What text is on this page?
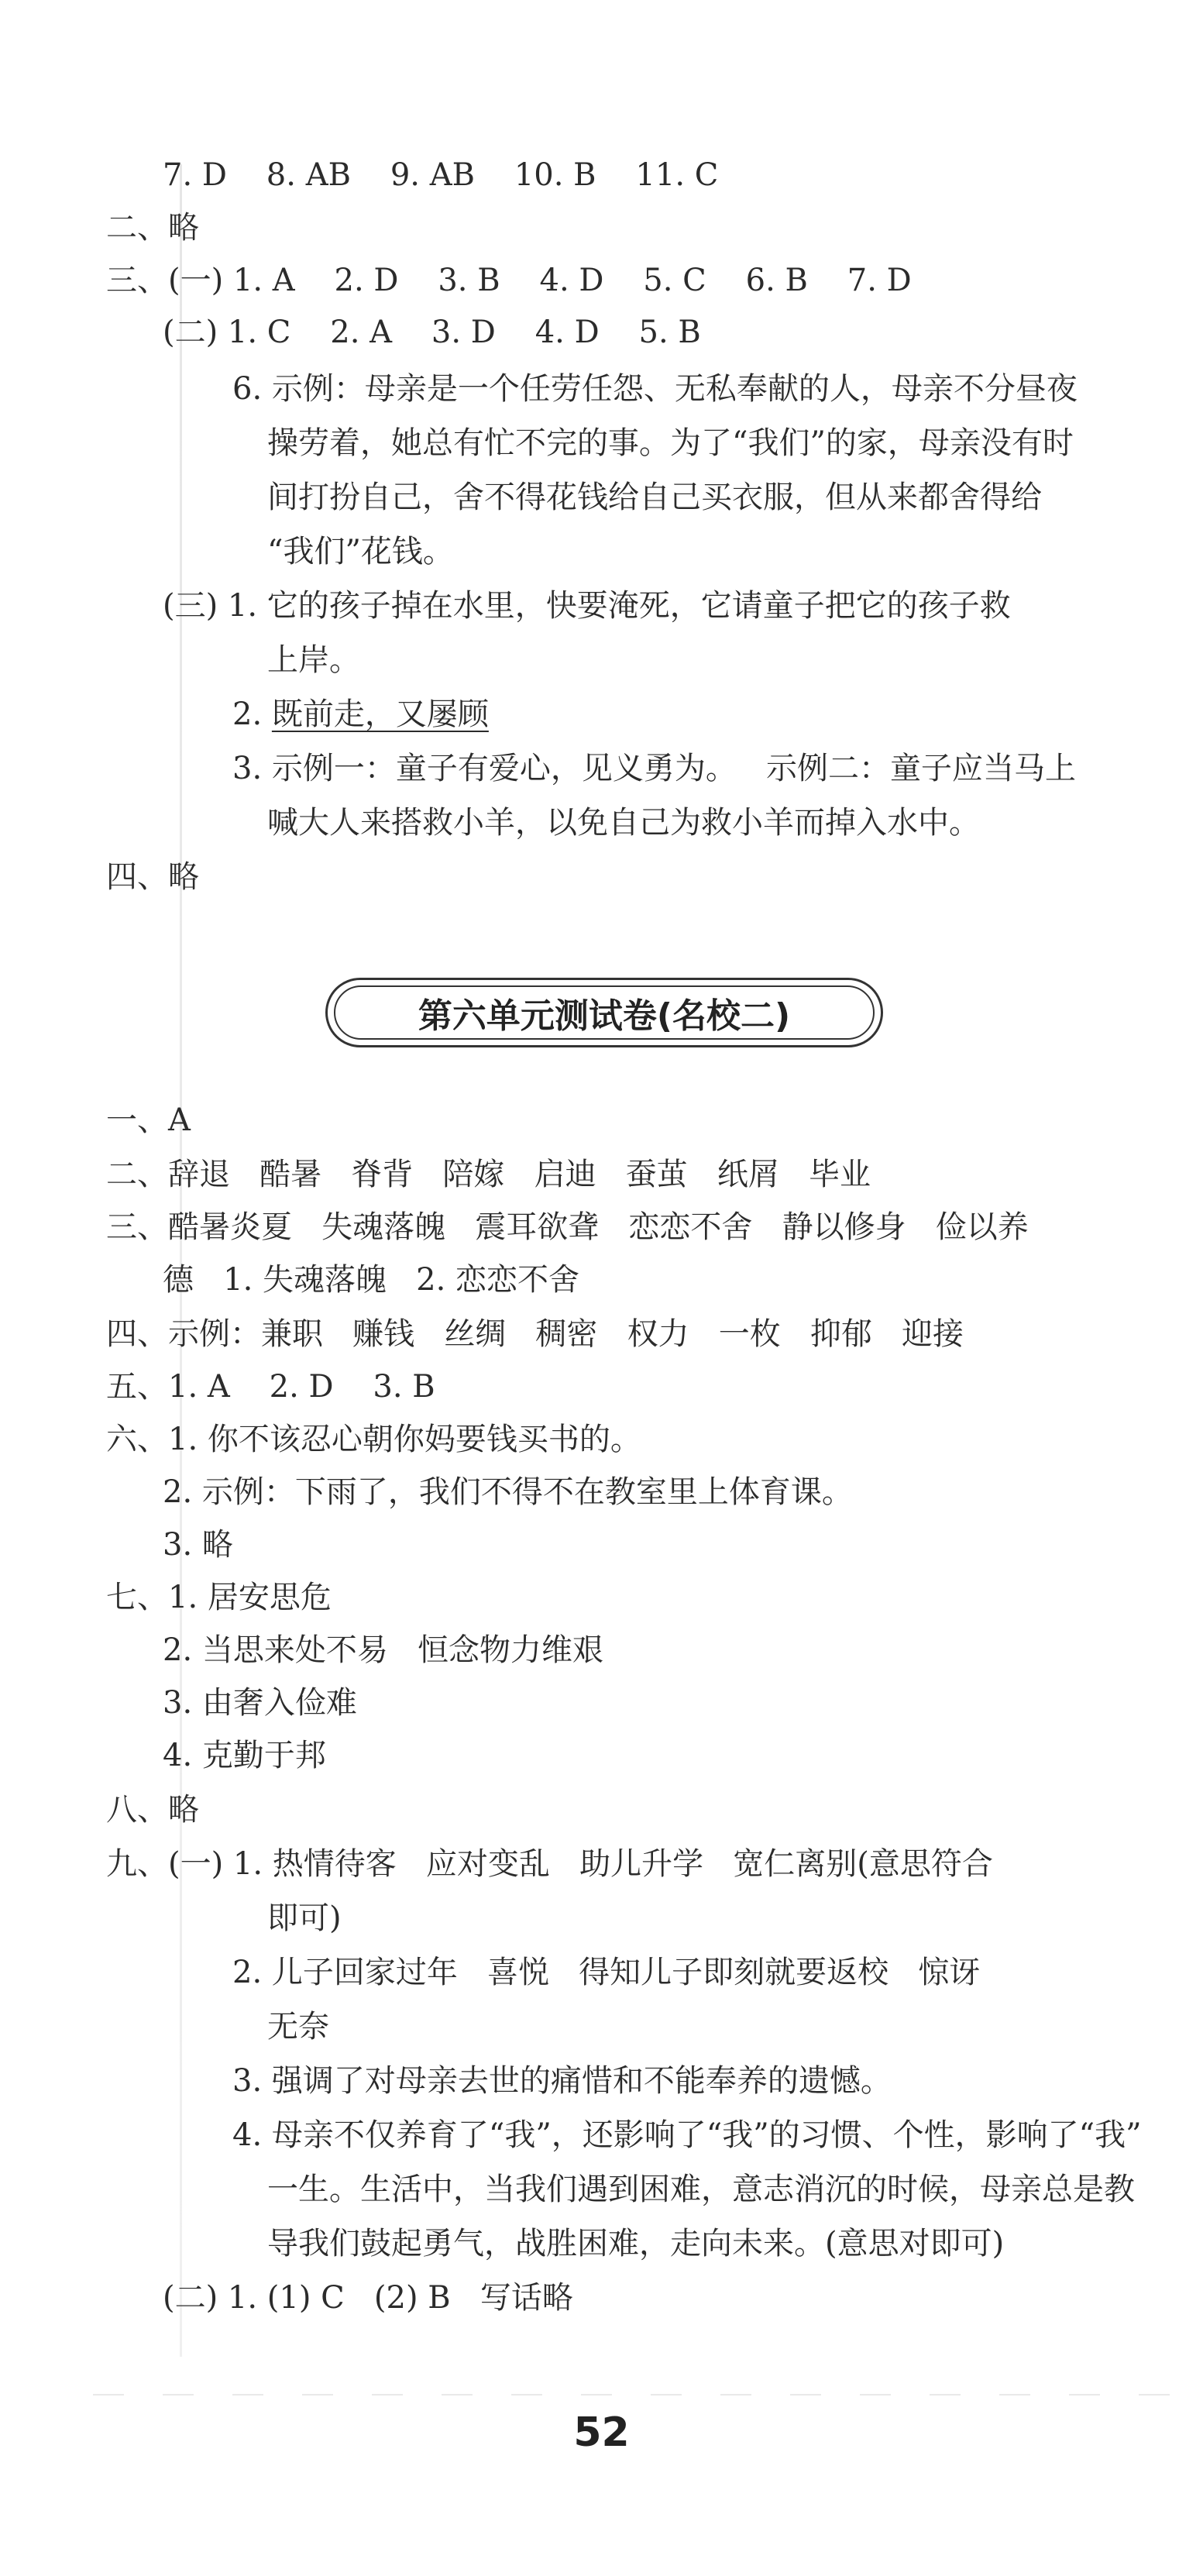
7. D    8. AB    9. AB    10. B    11. C
二、略
三、(一) 1. A    2. D    3. B    4. D    5. C    6. B    7. D
(二) 1. C    2. A    3. D    4. D    5. B
6. 示例：母亲是一个任劳任怨、无私奉献的人，母亲不分昼夜
操劳着，她总有忙不完的事。为了“我们”的家，母亲没有时
间打扮自己，舍不得花钱给自己买衣服，但从来都舍得给
“我们”花钱。
(三) 1. 它的孩子掉在水里，快要淹死，它请童子把它的孩子救
上岸。
2. 既前走，又屡顾
3. 示例一：童子有爱心，见义勇为。   示例二：童子应当马上
喊大人来搭救小羊，以免自己为救小羊而掉入水中。
四、略
第六单元测试卷(名校二)
一、A
二、辞退   酷暑   脊背   陪嫁   启迪   蚕茧   纸屑   毕业
三、酷暑炎夏   失魂落魄   震耳欲聋   恋恋不舍   静以修身   俭以养
德   1. 失魂落魄   2. 恋恋不舍
四、示例：兼职   赚钱   丝绸   稠密   权力   一枚   抑郁   迎接
五、1. A    2. D    3. B
六、1. 你不该忍心朝你妈要钱买书的。
2. 示例：下雨了，我们不得不在教室里上体育课。
3. 略
七、1. 居安思危
2. 当思来处不易   恒念物力维艰
3. 由奢入俭难
4. 克勤于邦
八、略
九、(一) 1. 热情待客   应对变乱   助儿升学   宽仁离别(意思符合
即可)
2. 儿子回家过年   喜悦   得知儿子即刻就要返校   惊讶
无奈
3. 强调了对母亲去世的痛惜和不能奉养的遗憾。
4. 母亲不仅养育了“我”，还影响了“我”的习惯、个性，影响了“我”
一生。生活中，当我们遇到困难，意志消沉的时候，母亲总是教
导我们鼓起勇气，战胜困难，走向未来。(意思对即可)
(二) 1. (1) C   (2) B   写话略
52
